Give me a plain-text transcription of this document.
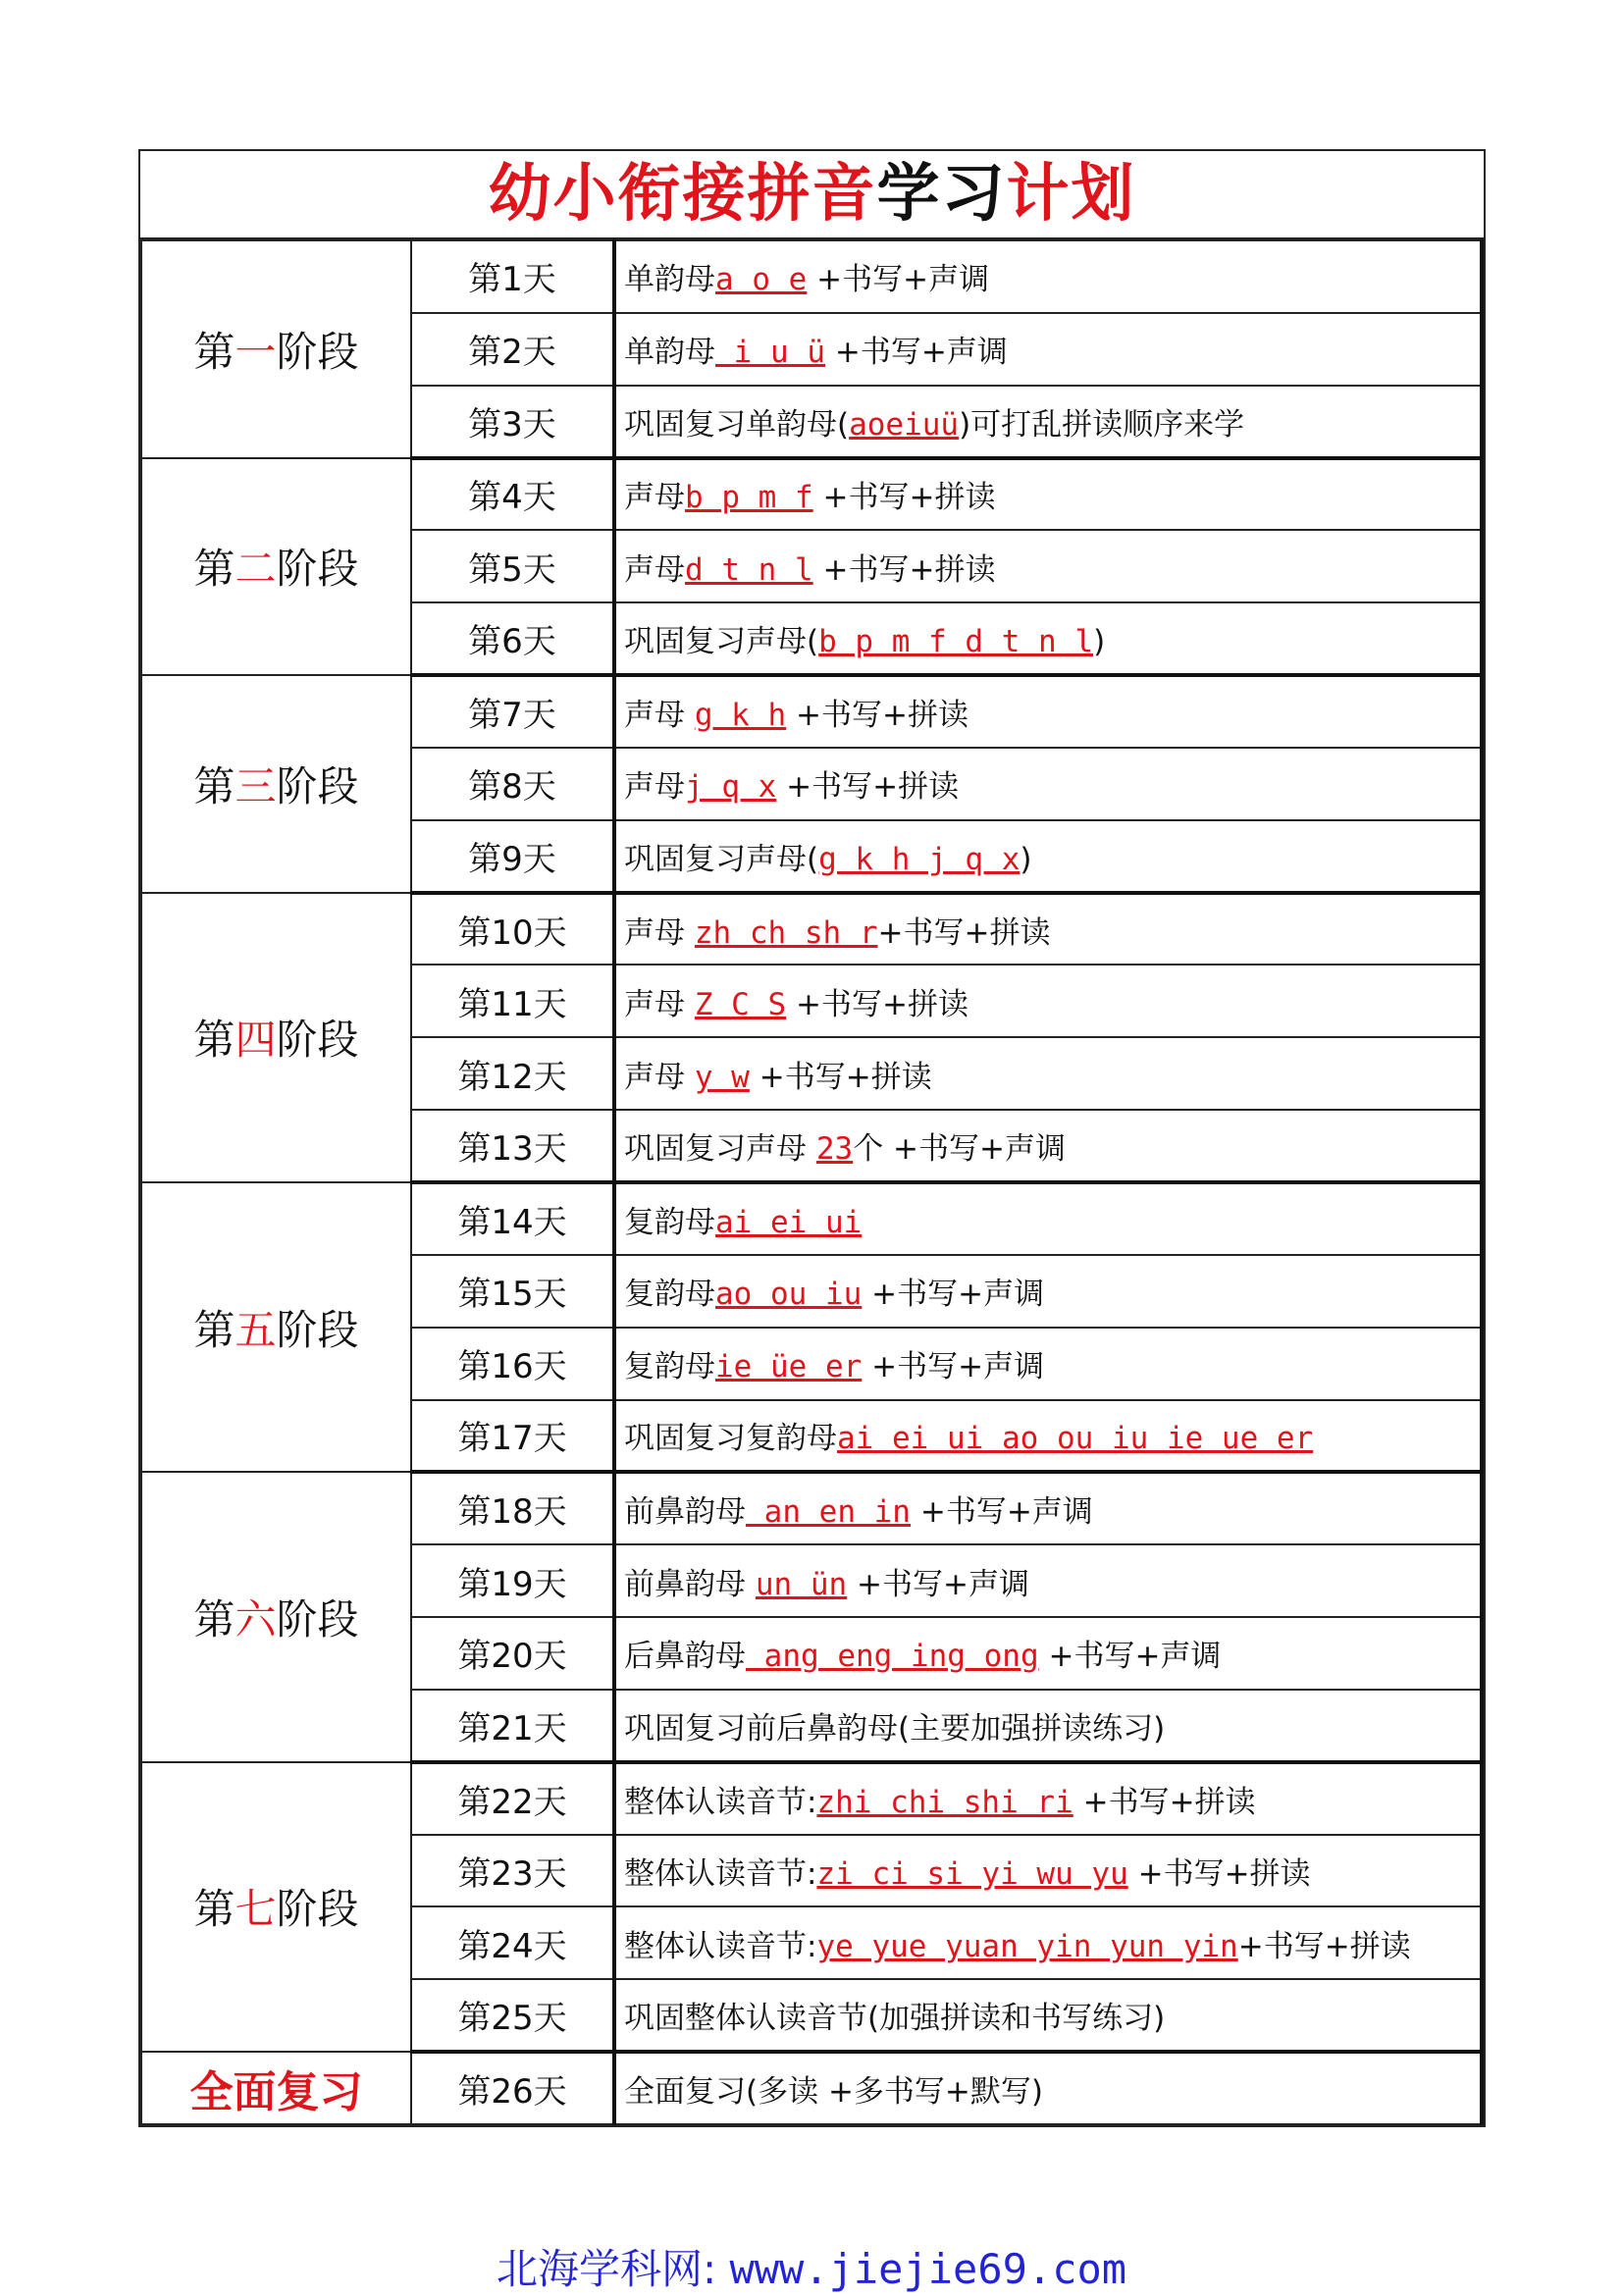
幼小衔接拼音学习计划
第一阶段	第1天	单韵母a o e +书写+声调
	第2天	单韵母 i u ü +书写+声调
	第3天	巩固复习单韵母(aoeiuü)可打乱拼读顺序来学
第二阶段	第4天	声母b p m f +书写+拼读
	第5天	声母d t n l +书写+拼读
	第6天	巩固复习声母(b p m f d t n l)
第三阶段	第7天	声母 g k h +书写+拼读
	第8天	声母j q x +书写+拼读
	第9天	巩固复习声母(g k h j q x)
第四阶段	第10天	声母 zh ch sh r+书写+拼读
	第11天	声母 Z C S +书写+拼读
	第12天	声母 y w +书写+拼读
	第13天	巩固复习声母 23个 +书写+声调
第五阶段	第14天	复韵母ai ei ui
	第15天	复韵母ao ou iu +书写+声调
	第16天	复韵母ie üe er +书写+声调
	第17天	巩固复习复韵母ai ei ui ao ou iu ie ue er
第六阶段	第18天	前鼻韵母 an en in +书写+声调
	第19天	前鼻韵母 un ün +书写+声调
	第20天	后鼻韵母 ang eng ing ong +书写+声调
	第21天	巩固复习前后鼻韵母(主要加强拼读练习)
第七阶段	第22天	整体认读音节:zhi chi shi ri +书写+拼读
	第23天	整体认读音节:zi ci si yi wu yu +书写+拼读
	第24天	整体认读音节:ye yue yuan yin yun yin+书写+拼读
	第25天	巩固整体认读音节(加强拼读和书写练习)
全面复习	第26天	全面复习(多读 +多书写+默写)
北海学科网: www.jiejie69.com
